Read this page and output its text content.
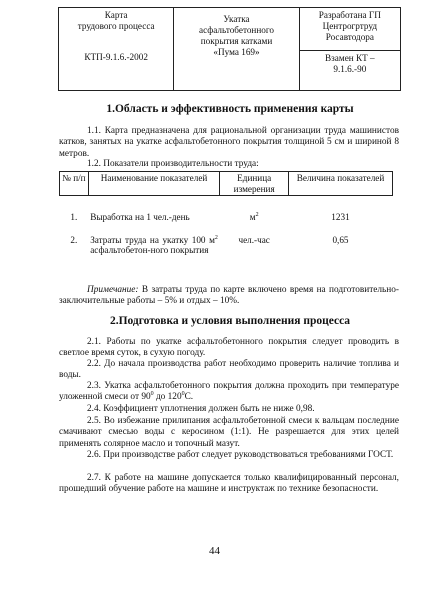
Карта
трудового процесса
КТП-9.1.6.-2002

Укатка
асфальтобетонного
покрытия катками
«Пума 169»

Разработана ГП
Центрогртруд
Росавтодора
Взамен КТ –
9.1.6.-90
1.Область и эффективность применения карты
1.1. Карта предназначена для рациональной организации труда машинистов катков, занятых на укатке асфальтобетонного покрытия толщиной 5 см и шириной 8 метров.
1.2. Показатели производительности труда:
№ п/п	Наименование показателей	Единица измерения	Величина показателей
1.	Выработка на 1 чел.-день	$м^2$	1231
2.	Затраты труда на укатку 100 $м^2$ асфальтобетон-ного покрытия	чел.-час	0,65
Примечание: В затраты труда по карте включено время на подготовительно-заключительные работы – 5% и отдых – 10%.
2.Подготовка и условия выполнения процесса
2.1. Работы по укатке асфальтобетонного покрытия следует проводить в светлое время суток, в сухую погоду.
2.2. До начала производства работ необходимо проверить наличие топлива и воды.
2.3. Укатка асфальтобетонного покрытия должна проходить при температуре уложенной смеси от $90^0$ до $120^0С$.
2.4. Коэффициент уплотнения должен быть не ниже 0,98.
2.5. Во избежание прилипания асфальтобетонной смеси к вальцам последние смачивают смесью воды с керосином (1:1). Не разрешается для этих целей применять солярное масло и топочный мазут.
2.6. При производстве работ следует руководствоваться требованиями ГОСТ.
2.7. К работе на машине допускается только квалифицированный персонал, прошедший обучение работе на машине и инструктаж по технике безопасности.
44
